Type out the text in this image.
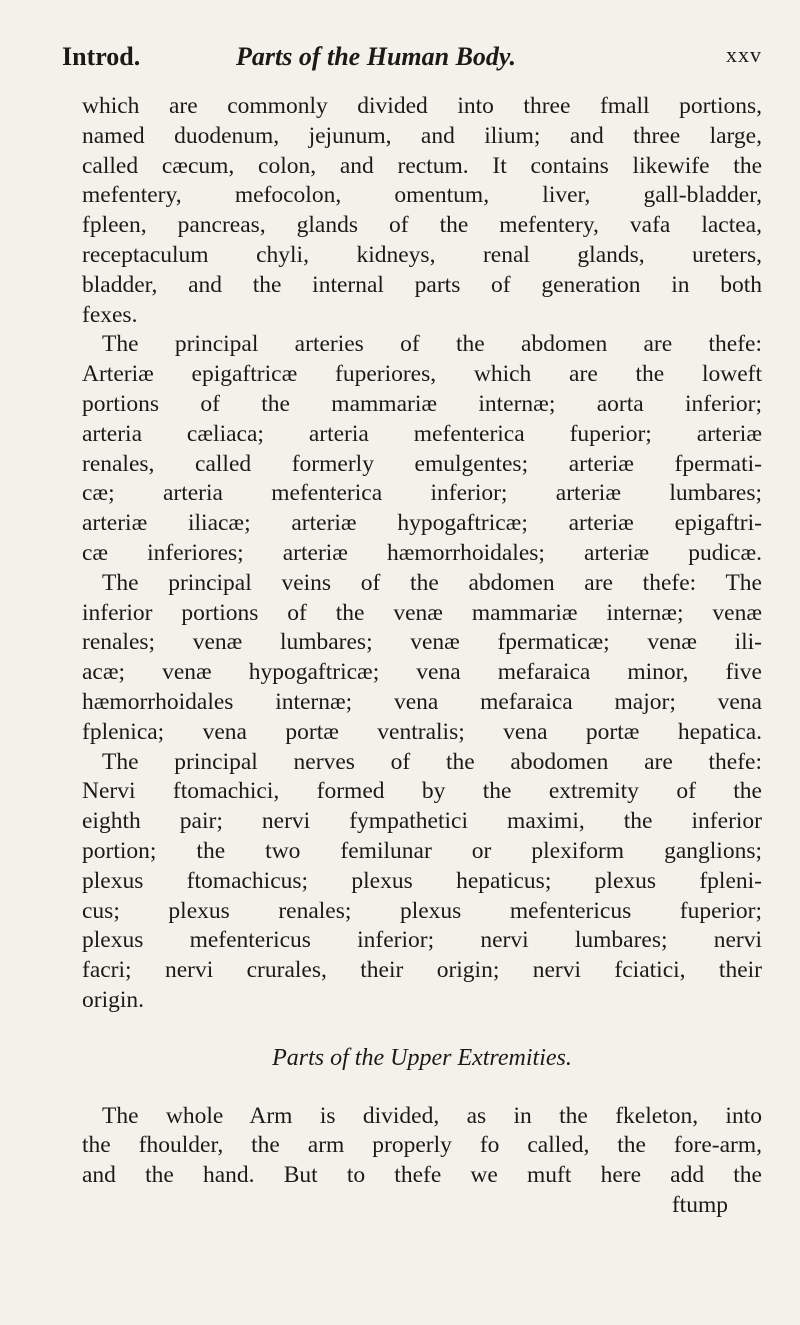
Introd.	Parts of the Human Body.	xxv
which are commonly divided into three fmall portions,
named duodenum, jejunum, and ilium; and three large,
called cæcum, colon, and rectum. It contains likewife the
mefentery, mefocolon, omentum, liver, gall-bladder,
fpleen, pancreas, glands of the mefentery, vafa lactea,
receptaculum chyli, kidneys, renal glands, ureters,
bladder, and the internal parts of generation in both
fexes.
The principal arteries of the abdomen are thefe:
Arteriæ epigaftricæ fuperiores, which are the loweft
portions of the mammariæ internæ; aorta inferior;
arteria cæliaca; arteria mefenterica fuperior; arteriæ
renales, called formerly emulgentes; arteriæ fpermati-
cæ; arteria mefenterica inferior; arteriæ lumbares;
arteriæ iliacæ; arteriæ hypogaftricæ; arteriæ epigaftri-
cæ inferiores; arteriæ hæmorrhoidales; arteriæ pudicæ.
The principal veins of the abdomen are thefe: The
inferior portions of the venæ mammariæ internæ; venæ
renales; venæ lumbares; venæ fpermaticæ; venæ ili-
acæ; venæ hypogaftricæ; vena mefaraica minor, five
hæmorrhoidales internæ; vena mefaraica major; vena
fplenica; vena portæ ventralis; vena portæ hepatica.
The principal nerves of the abodomen are thefe:
Nervi ftomachici, formed by the extremity of the
eighth pair; nervi fympathetici maximi, the inferior
portion; the two femilunar or plexiform ganglions;
plexus ftomachicus; plexus hepaticus; plexus fpleni-
cus; plexus renales; plexus mefentericus fuperior;
plexus mefentericus inferior; nervi lumbares; nervi
facri; nervi crurales, their origin; nervi fciatici, their
origin.
Parts of the Upper Extremities.
The whole Arm is divided, as in the fkeleton, into
the fhoulder, the arm properly fo called, the fore-arm,
and the hand. But to thefe we muft here add the
ftump
